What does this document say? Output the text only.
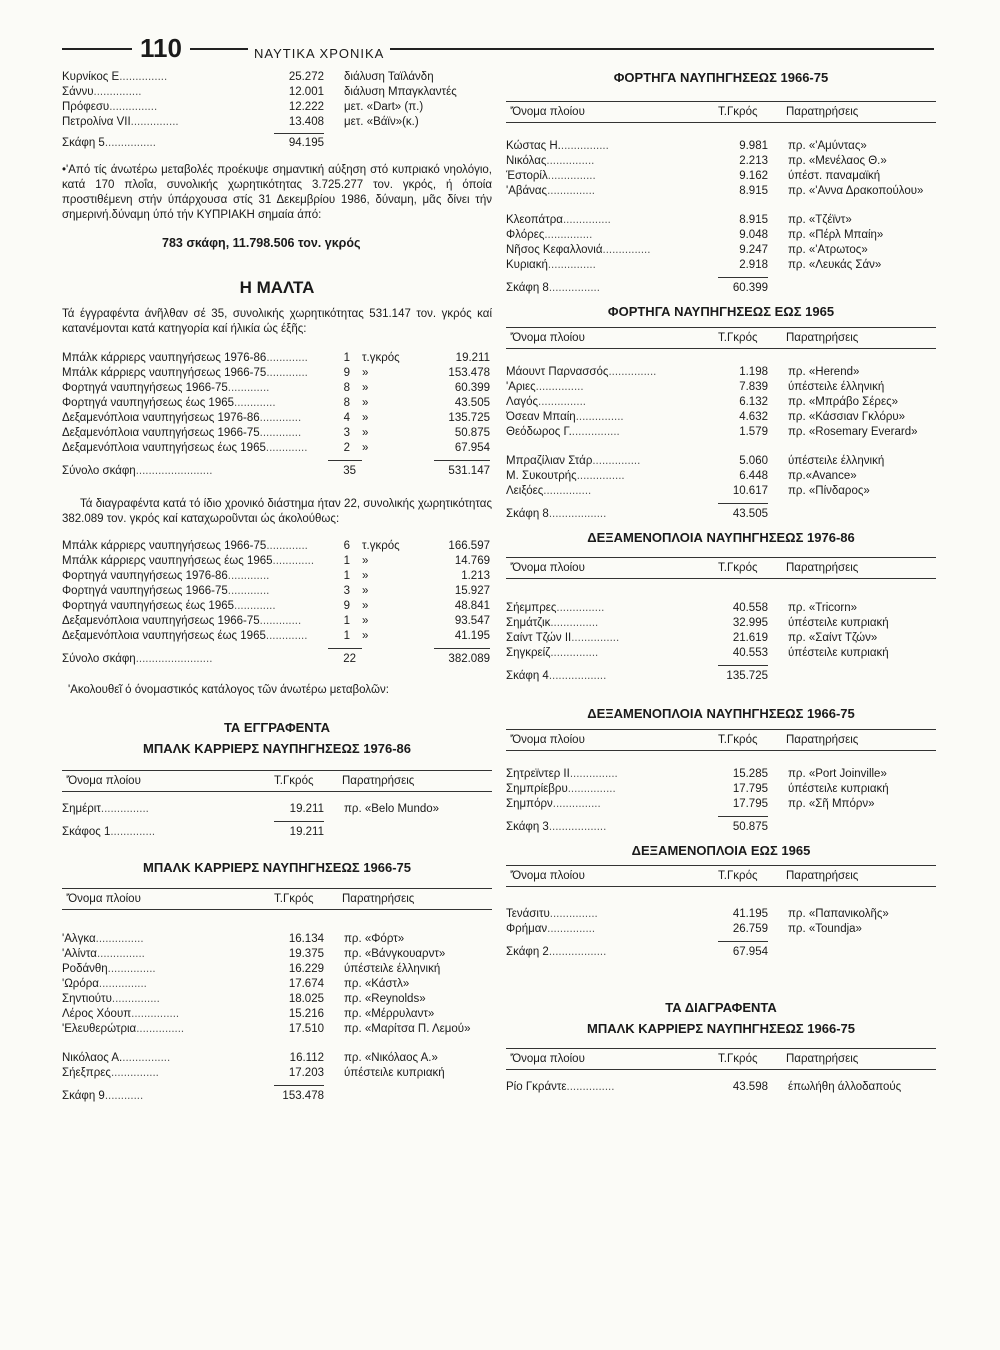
110	ΝΑΥΤΙΚΑ ΧΡΟΝΙΚΑ
Κυρνίκος Ε...............	25.272 διάλυση Ταϊλάνδη
Σάννυ...............	12.001 διάλυση Μπαγκλαντές
Πρόφεσυ...............	12.222 μετ. «Dart» (π.)
Πετρολίνα VII...............	13.408 μετ. «Βάϊν»(κ.)
Σκάφη 5................	94.195

•'Από τίς άνωτέρω μεταβολές προέκυψε σημαντική αύξηση στό κυπριακό νηολόγιο, κατά 170 πλοΐα, συνολικής χωρητικότητας 3.725.277 τον. γκρός, ή όποία προστιθέμενη στήν ύπάρχουσα στίς 31 Δεκεμβρίου 1986, δύναμη, μᾶς δίνει τήν σημερινή.δύναμη ύπό τήν ΚΥΠΡΙΑΚΗ σημαία άπό:

783 σκάφη, 11.798.506 τον. γκρός

Η ΜΑΛΤΑ

Τά έγγραφέντα άνῆλθαν σέ 35, συνολικής χωρητικότητας 531.147 τον. γκρός καί κατανέμονται κατά κατηγορία καί ήλικία ώς έξῆς:

Μπάλκ κάρριερς ναυπηγήσεως 1976-86.............	1 τ.γκρός	19.211
Μπάλκ κάρριερς ναυπηγήσεως 1966-75.............	9 »	153.478
Φορτηγά ναυπηγήσεως 1966-75.............	8 »	60.399
Φορτηγά ναυπηγήσεως έως 1965.............	8 »	43.505
Δεξαμενόπλοια ναυπηγήσεως 1976-86.............	4 »	135.725
Δεξαμενόπλοια ναυπηγήσεως 1966-75.............	3 »	50.875
Δεξαμενόπλοια ναυπηγήσεως έως 1965.............	2 »	67.954
Σύνολο σκάφη........................	35	531.147

Τά διαγραφέντα κατά τό ίδιο χρονικό διάστημα ήταν 22, συνολικής χωρητικότητας 382.089 τον. γκρός καί καταχωροῦνται ώς άκολούθως:

Μπάλκ κάρριερς ναυπηγήσεως 1966-75.............	6 τ.γκρός	166.597
Μπάλκ κάρριερς ναυπηγήσεως έως 1965.............	1 »	14.769
Φορτηγά ναυπηγήσεως 1976-86.............	1 »	1.213
Φορτηγά ναυπηγήσεως 1966-75.............	3 »	15.927
Φορτηγά ναυπηγήσεως έως 1965.............	9 »	48.841
Δεξαμενόπλοια ναυπηγήσεως 1966-75.............	1 »	93.547
Δεξαμενόπλοια ναυπηγήσεως έως 1965.............	1 »	41.195
Σύνολο σκάφη........................	22	382.089
'Ακολουθεῖ ό όνομαστικός κατάλογος τῶν άνωτέρω μεταβολῶν:

ΤΑ ΕΓΓΡΑΦΕΝΤΑ

ΜΠΑΛΚ ΚΑΡΡΙΕΡΣ ΝΑΥΠΗΓΗΣΕΩΣ 1976-86

'Όνομα πλοίου	Τ.Γκρός Παρατηρήσεις
Σημέριτ...............	19.211 πρ. «Belo Mundo»
Σκάφος 1..............	19.211

ΜΠΑΛΚ ΚΑΡΡΙΕΡΣ ΝΑΥΠΗΓΗΣΕΩΣ 1966-75

'Όνομα πλοίου	Τ.Γκρός Παρατηρήσεις
'Αλγκα...............	16.134 πρ. «Φόρτ»
'Αλίντα...............	19.375 πρ. «Βάνγκουαρντ»
Ροδάνθη...............	16.229 ύπέστειλε έλληνική
'Ωρόρα...............	17.674 πρ. «Κάστλ»
Σηντιούτυ...............	18.025 πρ. «Reynolds»
Λέρος Χόουπ...............	15.216 πρ. «Μέρρυλαντ»
'Ελευθερώτρια...............	17.510 πρ. «Μαρίτσα Π. Λεμού»
Νικόλαος Α................	16.112 πρ. «Νικόλαος Α.»
Σήεξπρες...............	17.203 ύπέστειλε κυπριακή
Σκάφη 9............	153.478

ΦΟΡΤΗΓΑ ΝΑΥΠΗΓΗΣΕΩΣ 1966-75

'Όνομα πλοίου	Τ.Γκρός Παρατηρήσεις
Κώστας Η................	9.981 πρ. «'Αμύντας»
Νικόλας...............	2.213 πρ. «Μενέλαος Θ.»
Έστορίλ...............	9.162 ύπέστ. παναμαϊκή
'Αβάνας...............	8.915 πρ. «'Αννα Δρακοπούλου»
Κλεοπάτρα...............	8.915 πρ. «Τζέϊντ»
Φλόρες...............	9.048 πρ. «Πέρλ Μπαίη»
Νῆσος Κεφαλλονιά...............	9.247 πρ. «'Ατρωτος»
Κυριακή...............	2.918 πρ. «Λευκάς Σάν»
Σκάφη 8................	60.399

ΦΟΡΤΗΓΑ ΝΑΥΠΗΓΗΣΕΩΣ ΕΩΣ 1965

'Όνομα πλοίου	Τ.Γκρός Παρατηρήσεις
Μάουντ Παρνασσός...............	1.198 πρ. «Herend»
'Αριες...............	7.839 ύπέστειλε έλληνική
Λαγός...............	6.132 πρ. «Μπράβο Σέρες»
Όσεαν Μπαίη...............	4.632 πρ. «Κάσσιαν Γκλόρυ»
Θεόδωρος Γ................	1.579 πρ. «Rosemary Everard»
Μπραζίλιαν Στάρ...............	5.060 ύπέστειλε έλληνική
Μ. Συκουτρής...............	6.448 πρ.«Avance»
Λειξόες...............	10.617 πρ. «Πίνδαρος»
Σκάφη 8..................	43.505

ΔΕΞΑΜΕΝΟΠΛΟΙΑ ΝΑΥΠΗΓΗΣΕΩΣ 1976-86

'Όνομα πλοίου	Τ.Γκρός Παρατηρήσεις
Σήεμπρες...............	40.558 πρ. «Tricorn»
Σημάτζικ...............	32.995 ύπέστειλε κυπριακή
Σαίντ Τζών II...............	21.619 πρ. «Σαίντ Τζών»
Σηγκρείζ...............	40.553 ύπέστειλε κυπριακή
Σκάφη 4..................	135.725

ΔΕΞΑΜΕΝΟΠΛΟΙΑ ΝΑΥΠΗΓΗΣΕΩΣ 1966-75

'Όνομα πλοίου	Τ.Γκρός Παρατηρήσεις
Σητρεϊντερ II...............	15.285 πρ. «Port Joinville»
Σημπρίεβρυ...............	17.795 ύπέστειλε κυπριακή
Σημπόρν...............	17.795 πρ. «Σῆ Μπόρν»
Σκάφη 3..................	50.875

ΔΕΞΑΜΕΝΟΠΛΟΙΑ ΕΩΣ 1965

'Όνομα πλοίου	Τ.Γκρός Παρατηρήσεις
Τενάσιτυ...............	41.195 πρ. «Παπανικολῆς»
Φρήμαν...............	26.759 πρ. «Toundja»
Σκάφη 2..................	67.954

ΤΑ ΔΙΑΓΡΑΦΕΝΤΑ

ΜΠΑΛΚ ΚΑΡΡΙΕΡΣ ΝΑΥΠΗΓΗΣΕΩΣ 1966-75

'Όνομα πλοίου	Τ.Γκρός Παρατηρήσεις
Ρίο Γκράντε...............	43.598 έπωλήθη άλλοδαπούς
